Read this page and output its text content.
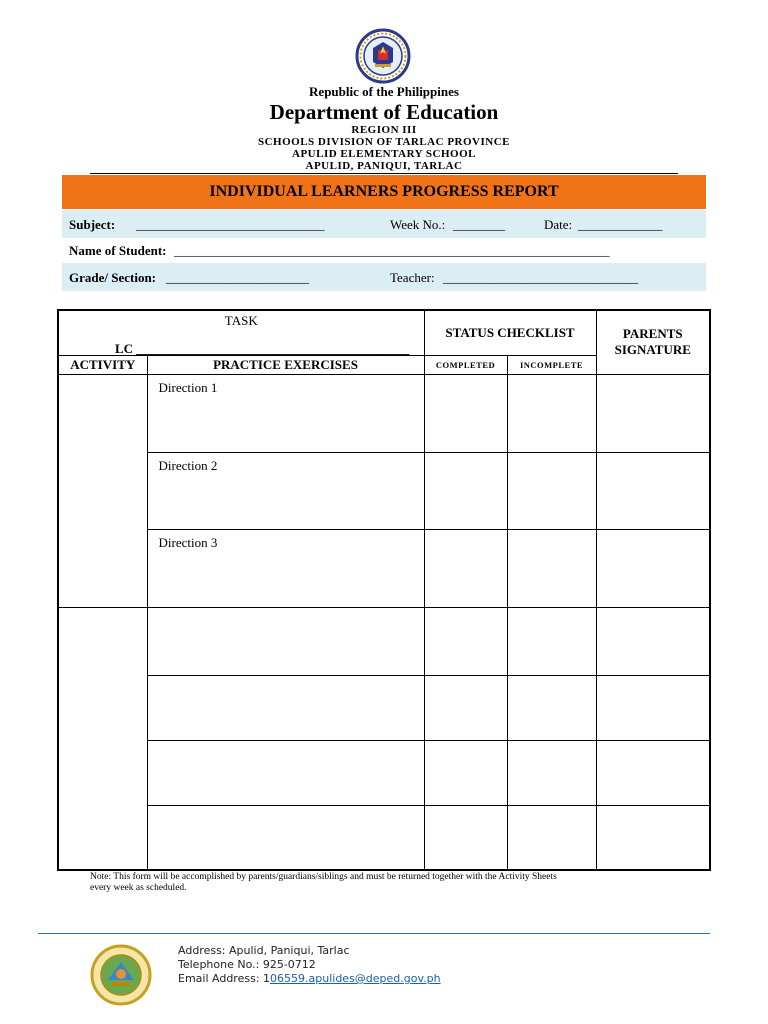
Republic of the Philippines
Department of Education
REGION III
SCHOOLS DIVISION OF TARLAC PROVINCE
APULID ELEMENTARY SCHOOL
APULID, PANIQUI, TARLAC
INDIVIDUAL LEARNERS PROGRESS REPORT
Subject: _____________________________	Week No.: ________	Date: _____________
Name of Student: ___________________________________________________________________
Grade/ Section: ______________________	Teacher: ______________________________
TASK
LC __________________________________________		STATUS CHECKLIST		PARENTS SIGNATURE
ACTIVITY	PRACTICE EXERCISES	COMPLETED	INCOMPLETE	
	Direction 1			
	Direction 2			
	Direction 3			

Note: This form will be accomplished by parents/guardians/siblings and must be returned together with the Activity Sheets every week as scheduled.
Address: Apulid, Paniqui, Tarlac
Telephone No.: 925-0712
Email Address: 106559.apulides@deped.gov.ph
